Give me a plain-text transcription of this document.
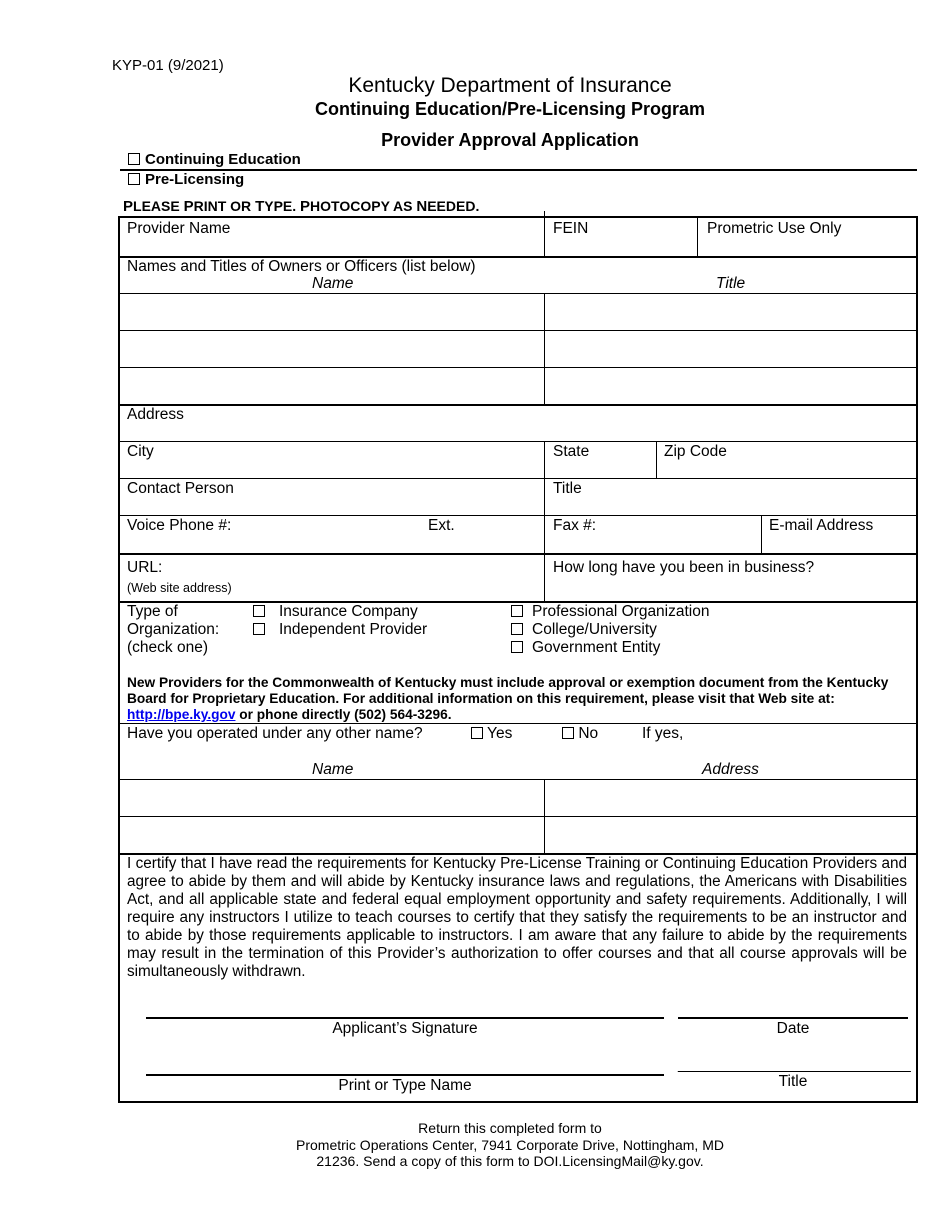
KYP-01 (9/2021)
Kentucky Department of Insurance
Continuing Education/Pre-Licensing Program
Provider Approval Application
Continuing Education
Pre-Licensing
PLEASE PRINT OR TYPE. PHOTOCOPY AS NEEDED.
Provider Name	FEIN	Prometric Use Only
Names and Titles of Owners or Officers (list below)
Name	Title
Address
City	State	Zip Code
Contact Person	Title
Voice Phone #:	Ext.	Fax #:	E-mail Address
URL:
(Web site address)
How long have you been in business?
Type of
Organization:
(check one)
Insurance Company
Independent Provider
Professional Organization
College/University
Government Entity
New Providers for the Commonwealth of Kentucky must include approval or exemption document from the Kentucky Board for Proprietary Education. For additional information on this requirement, please visit that Web site at: http://bpe.ky.gov or phone directly (502) 564-3296.
Have you operated under any other name?	Yes	No	If yes,
Name	Address
I certify that I have read the requirements for Kentucky Pre-License Training or Continuing Education Providers and agree to abide by them and will abide by Kentucky insurance laws and regulations, the Americans with Disabilities Act, and all applicable state and federal equal employment opportunity and safety requirements. Additionally, I will require any instructors I utilize to teach courses to certify that they satisfy the requirements to be an instructor and to abide by those requirements applicable to instructors. I am aware that any failure to abide by the requirements may result in the termination of this Provider’s authorization to offer courses and that all course approvals will be simultaneously withdrawn.
Applicant’s Signature	Date
___________________________
Print or Type Name	Title
Return this completed form to
Prometric Operations Center, 7941 Corporate Drive, Nottingham, MD
21236. Send a copy of this form to DOI.LicensingMail@ky.gov.
